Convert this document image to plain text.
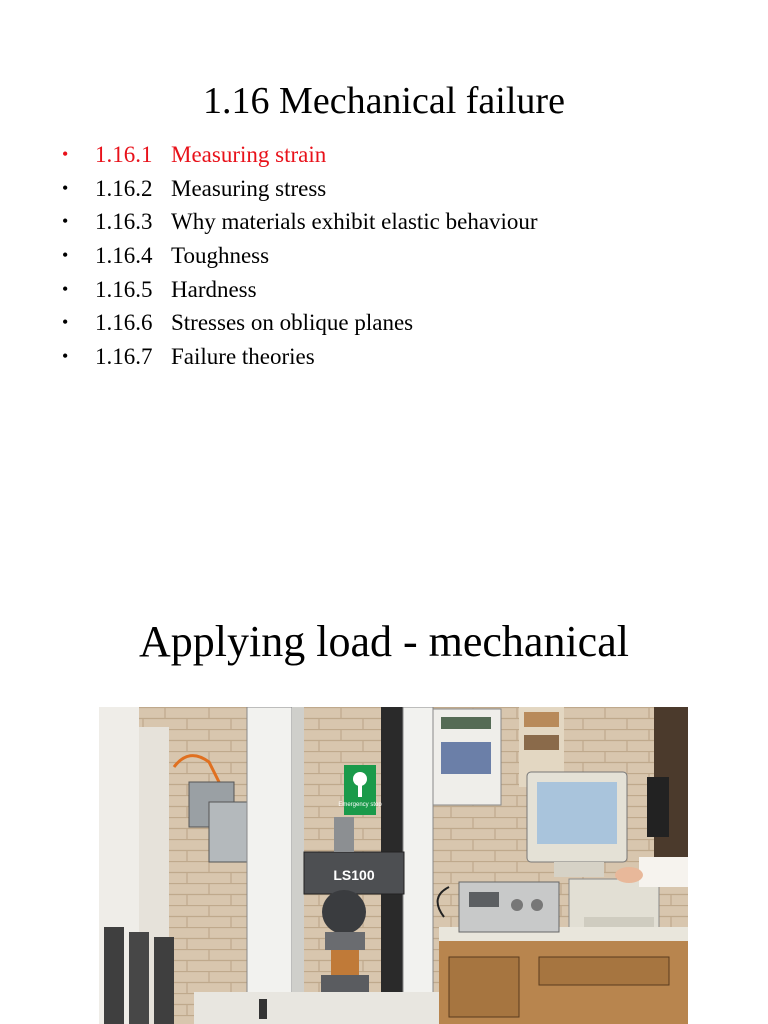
1.16 Mechanical failure
• 1.16.1 Measuring strain
• 1.16.2 Measuring stress
• 1.16.3 Why materials exhibit elastic behaviour
• 1.16.4 Toughness
• 1.16.5 Hardness
• 1.16.6 Stresses on oblique planes
• 1.16.7 Failure theories
Applying load - mechanical
Emergency stop
LS100
